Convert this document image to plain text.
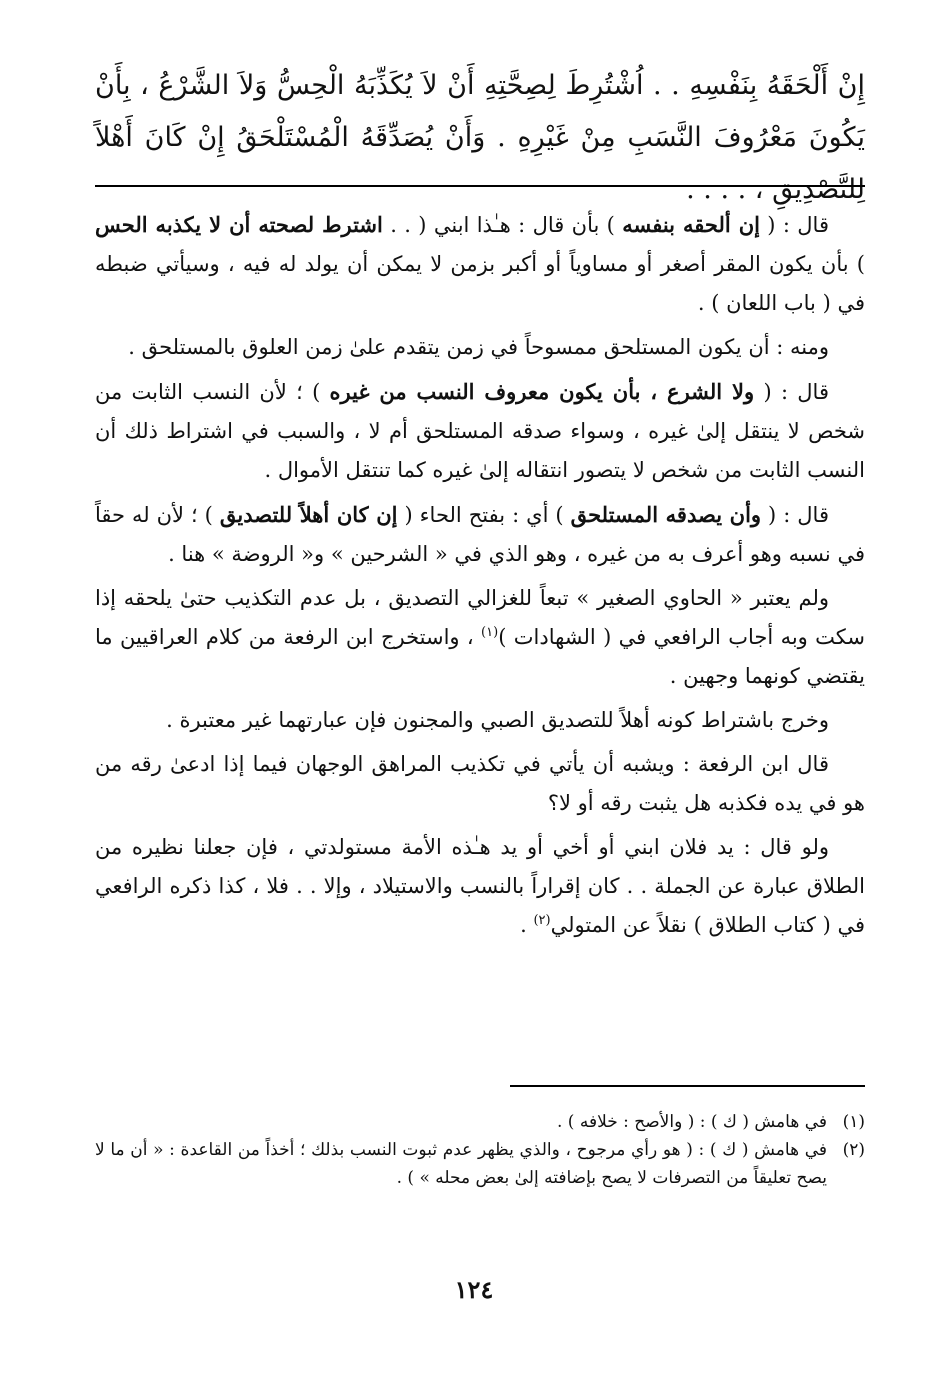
إِنْ أَلْحَقَهُ بِنَفْسِهِ . . اُشْتُرِطَ لِصِحَّتِهِ أَنْ لاَ يُكَذِّبَهُ الْحِسُّ وَلاَ الشَّرْعُ ، بِأَنْ يَكُونَ مَعْرُوفَ النَّسَبِ مِنْ غَيْرِهِ . وَأَنْ يُصَدِّقَهُ الْمُسْتَلْحَقُ إِنْ كَانَ أَهْلاً لِلتَّصْدِيقِ ، . . . .

قال : ( إن ألحقه بنفسه ) بأن قال : هـٰذا ابني ( . . اشترط لصحته أن لا يكذبه الحس ) بأن يكون المقر أصغر أو مساوياً أو أكبر بزمن لا يمكن أن يولد له فيه ، وسيأتي ضبطه في ( باب اللعان ) .

ومنه : أن يكون المستلحق ممسوحاً في زمن يتقدم علىٰ زمن العلوق بالمستلحق .

قال : ( ولا الشرع ، بأن يكون معروف النسب من غيره ) ؛ لأن النسب الثابت من شخص لا ينتقل إلىٰ غيره ، وسواء صدقه المستلحق أم لا ، والسبب في اشتراط ذلك أن النسب الثابت من شخص لا يتصور انتقاله إلىٰ غيره كما تنتقل الأموال .

قال : ( وأن يصدقه المستلحق ) أي : بفتح الحاء ( إن كان أهلاً للتصديق ) ؛ لأن له حقاً في نسبه وهو أعرف به من غيره ، وهو الذي في « الشرحين » و« الروضة » هنا .

ولم يعتبر « الحاوي الصغير » تبعاً للغزالي التصديق ، بل عدم التكذيب حتىٰ يلحقه إذا سكت وبه أجاب الرافعي في ( الشهادات )$^{(١)}$ ، واستخرج ابن الرفعة من كلام العراقيين ما يقتضي كونهما وجهين .

وخرج باشتراط كونه أهلاً للتصديق الصبي والمجنون فإن عبارتهما غير معتبرة .

قال ابن الرفعة : ويشبه أن يأتي في تكذيب المراهق الوجهان فيما إذا ادعىٰ رقه من هو في يده فكذبه هل يثبت رقه أو لا؟

ولو قال : يد فلان ابني أو أخي أو يد هـٰذه الأمة مستولدتي ، فإن جعلنا نظيره من الطلاق عبارة عن الجملة . . كان إقراراً بالنسب والاستيلاد ، وإلا . . فلا ، كذا ذكره الرافعي في ( كتاب الطلاق ) نقلاً عن المتولي$^{(٢)}$ .

(١)
في هامش ( ك ) : ( والأصح : خلافه ) .
(٢)
في هامش ( ك ) : ( هو رأي مرجوح ، والذي يظهر عدم ثبوت النسب بذلك ؛ أخذاً من القاعدة : « أن ما لا يصح تعليقاً من التصرفات لا يصح بإضافته إلىٰ بعض محله » ) .
١٢٤
